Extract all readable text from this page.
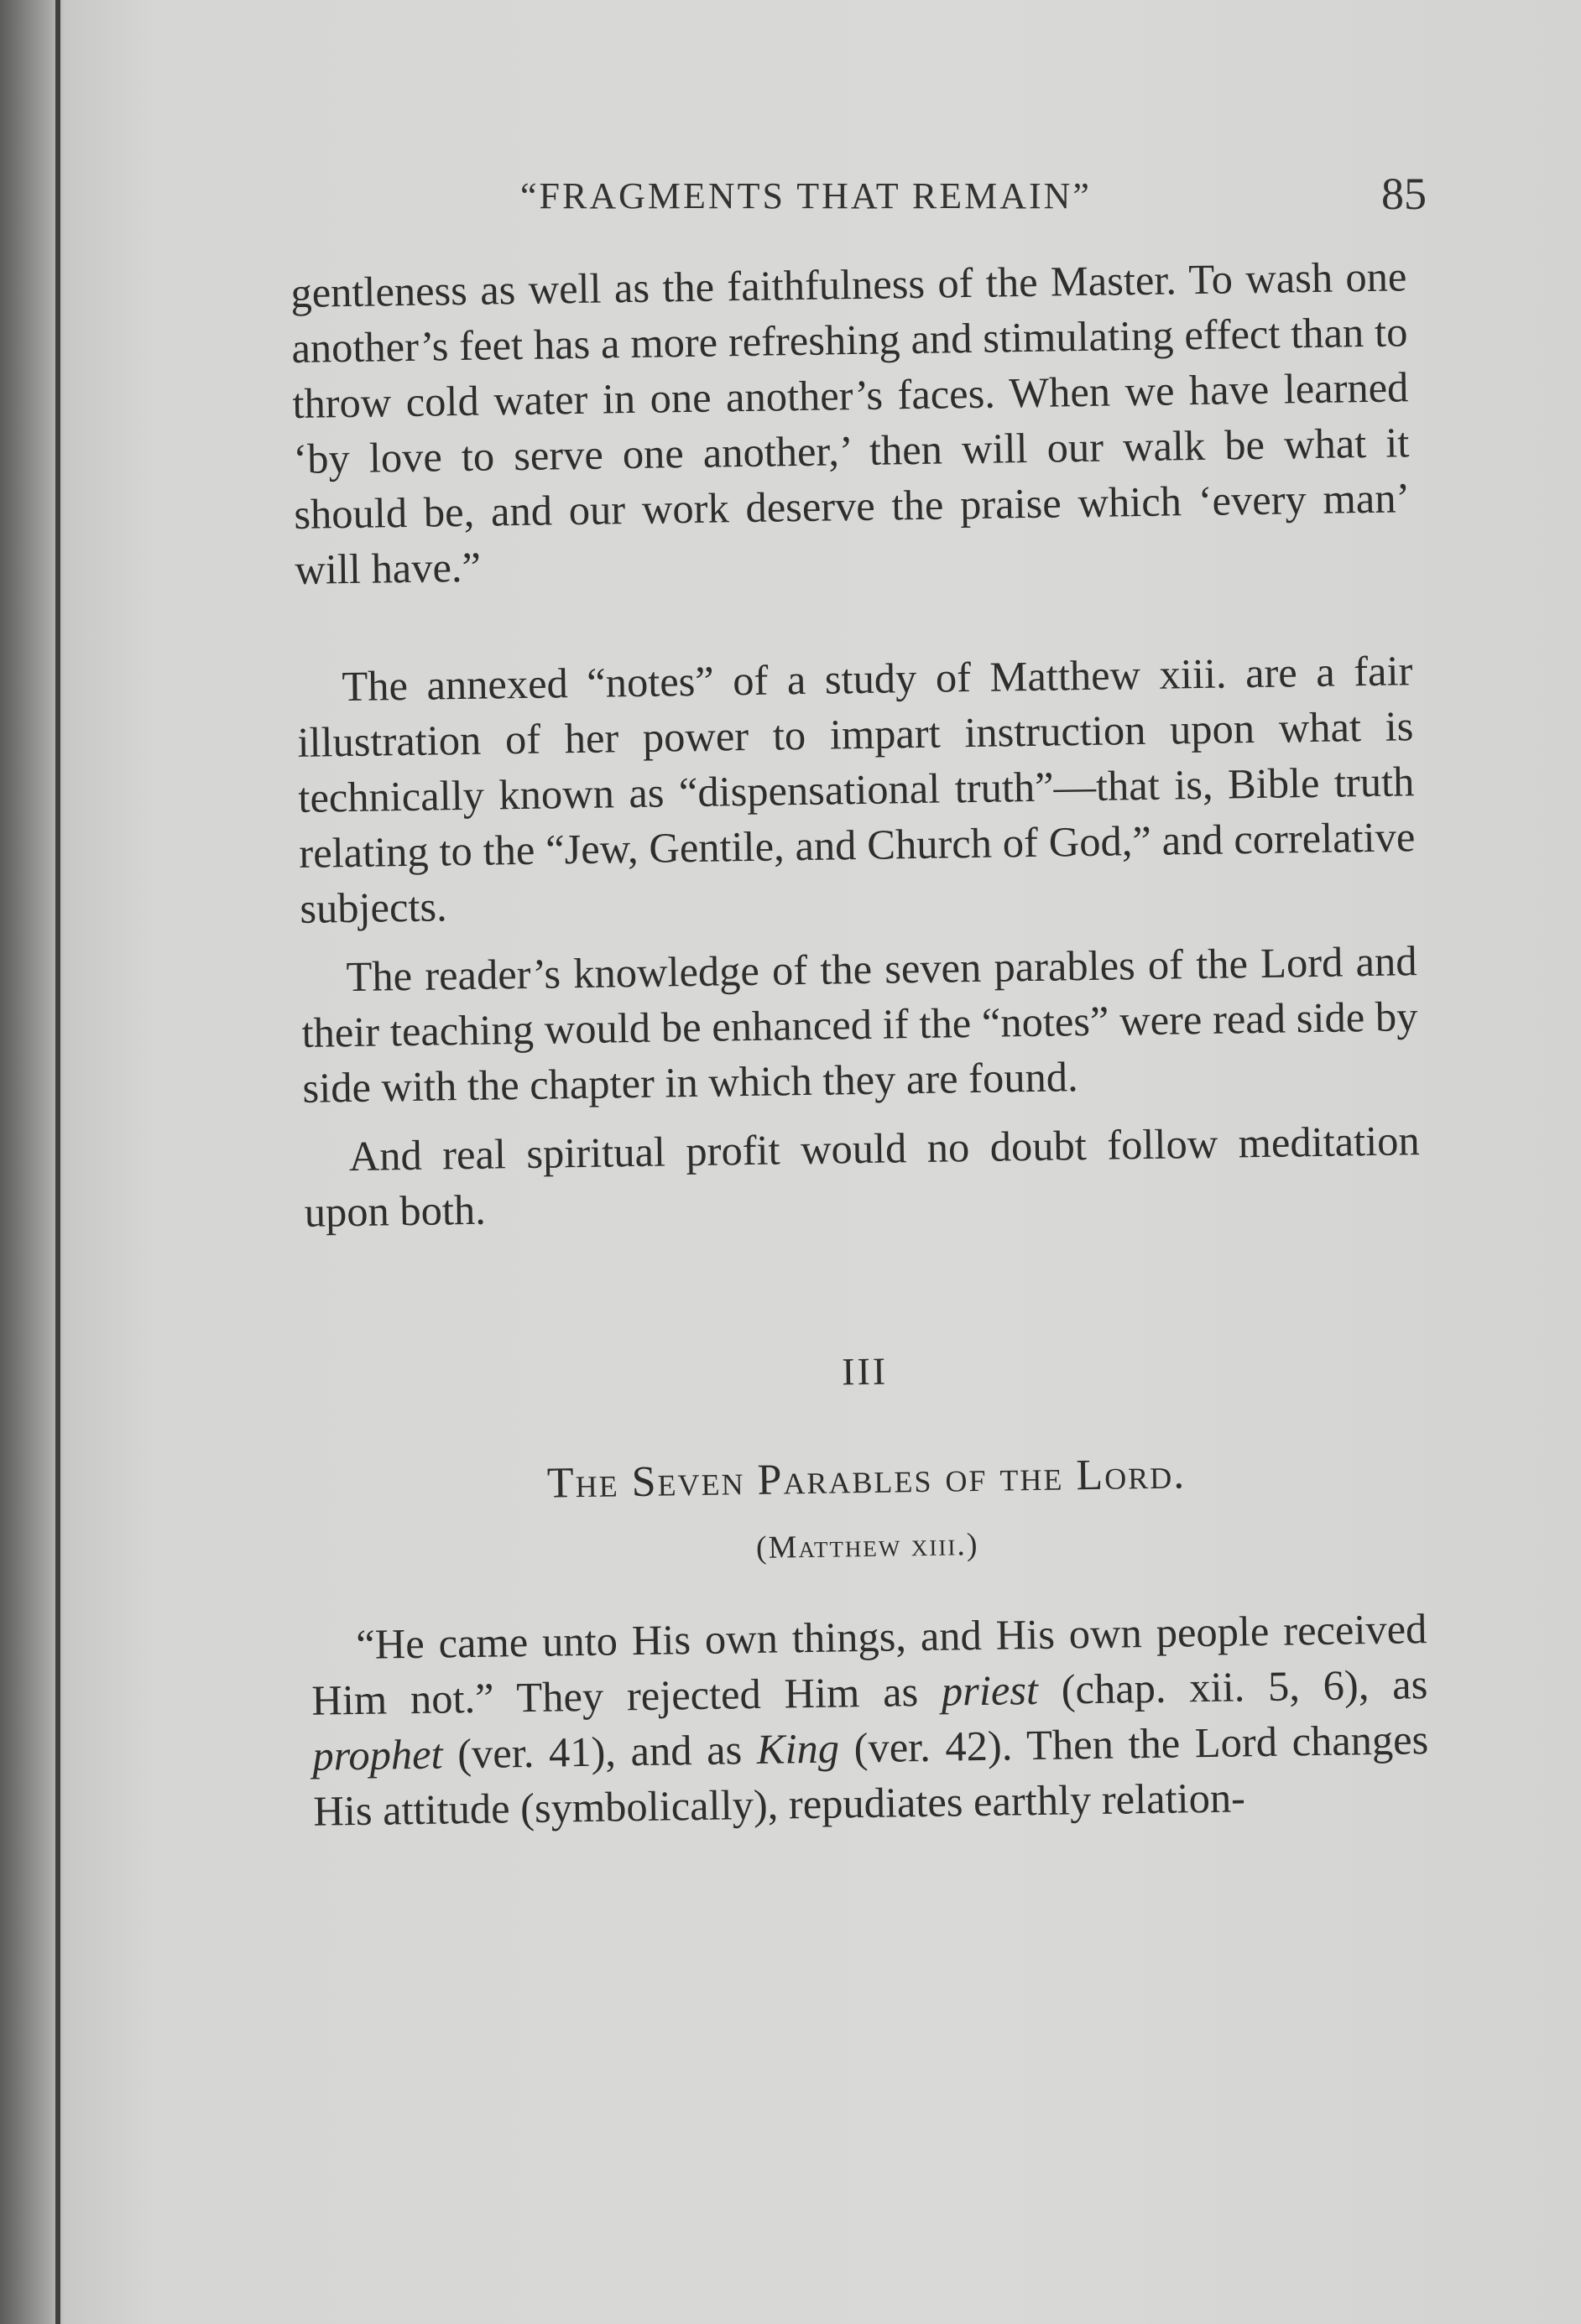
“FRAGMENTS THAT REMAIN”	85

gentleness as well as the faithfulness of the Master. To wash one another’s feet has a more refreshing and stimulating effect than to throw cold water in one another’s faces. When we have learned ‘by love to serve one another,’ then will our walk be what it should be, and our work deserve the praise which ‘every man’ will have.”

The annexed “notes” of a study of Matthew xiii. are a fair illustration of her power to impart instruction upon what is technically known as “dispensational truth”—that is, Bible truth relating to the “Jew, Gentile, and Church of God,” and correlative subjects.

The reader’s knowledge of the seven parables of the Lord and their teaching would be enhanced if the “notes” were read side by side with the chapter in which they are found.

And real spiritual profit would no doubt follow meditation upon both.

III
The Seven Parables of the Lord.
(Matthew xiii.)

“He came unto His own things, and His own people received Him not.” They rejected Him as priest (chap. xii. 5, 6), as prophet (ver. 41), and as King (ver. 42). Then the Lord changes His attitude (symbolically), repudiates earthly relation-
